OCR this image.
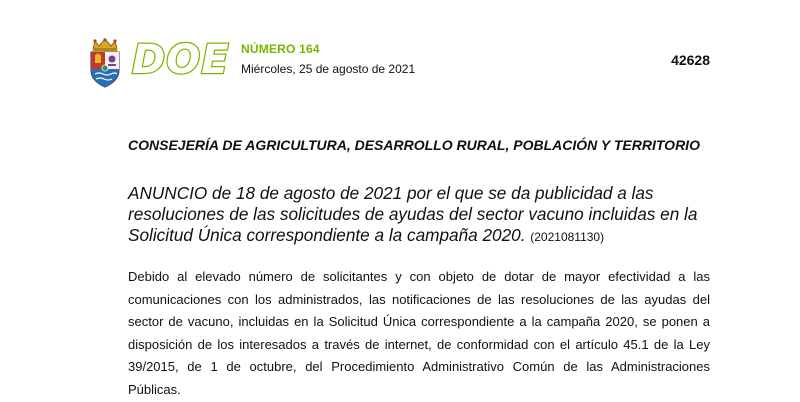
DOE NÚMERO 164
Miércoles, 25 de agosto de 2021
42628
CONSEJERÍA DE AGRICULTURA, DESARROLLO RURAL, POBLACIÓN Y TERRITORIO
ANUNCIO de 18 de agosto de 2021 por el que se da publicidad a las resoluciones de las solicitudes de ayudas del sector vacuno incluidas en la Solicitud Única correspondiente a la campaña 2020. (2021081130)
Debido al elevado número de solicitantes y con objeto de dotar de mayor efectividad a las comunicaciones con los administrados, las notificaciones de las resoluciones de las ayudas del sector de vacuno, incluidas en la Solicitud Única correspondiente a la campaña 2020, se ponen a disposición de los interesados a través de internet, de conformidad con el artículo 45.1 de la Ley 39/2015, de 1 de octubre, del Procedimiento Administrativo Común de las Administraciones Públicas.
